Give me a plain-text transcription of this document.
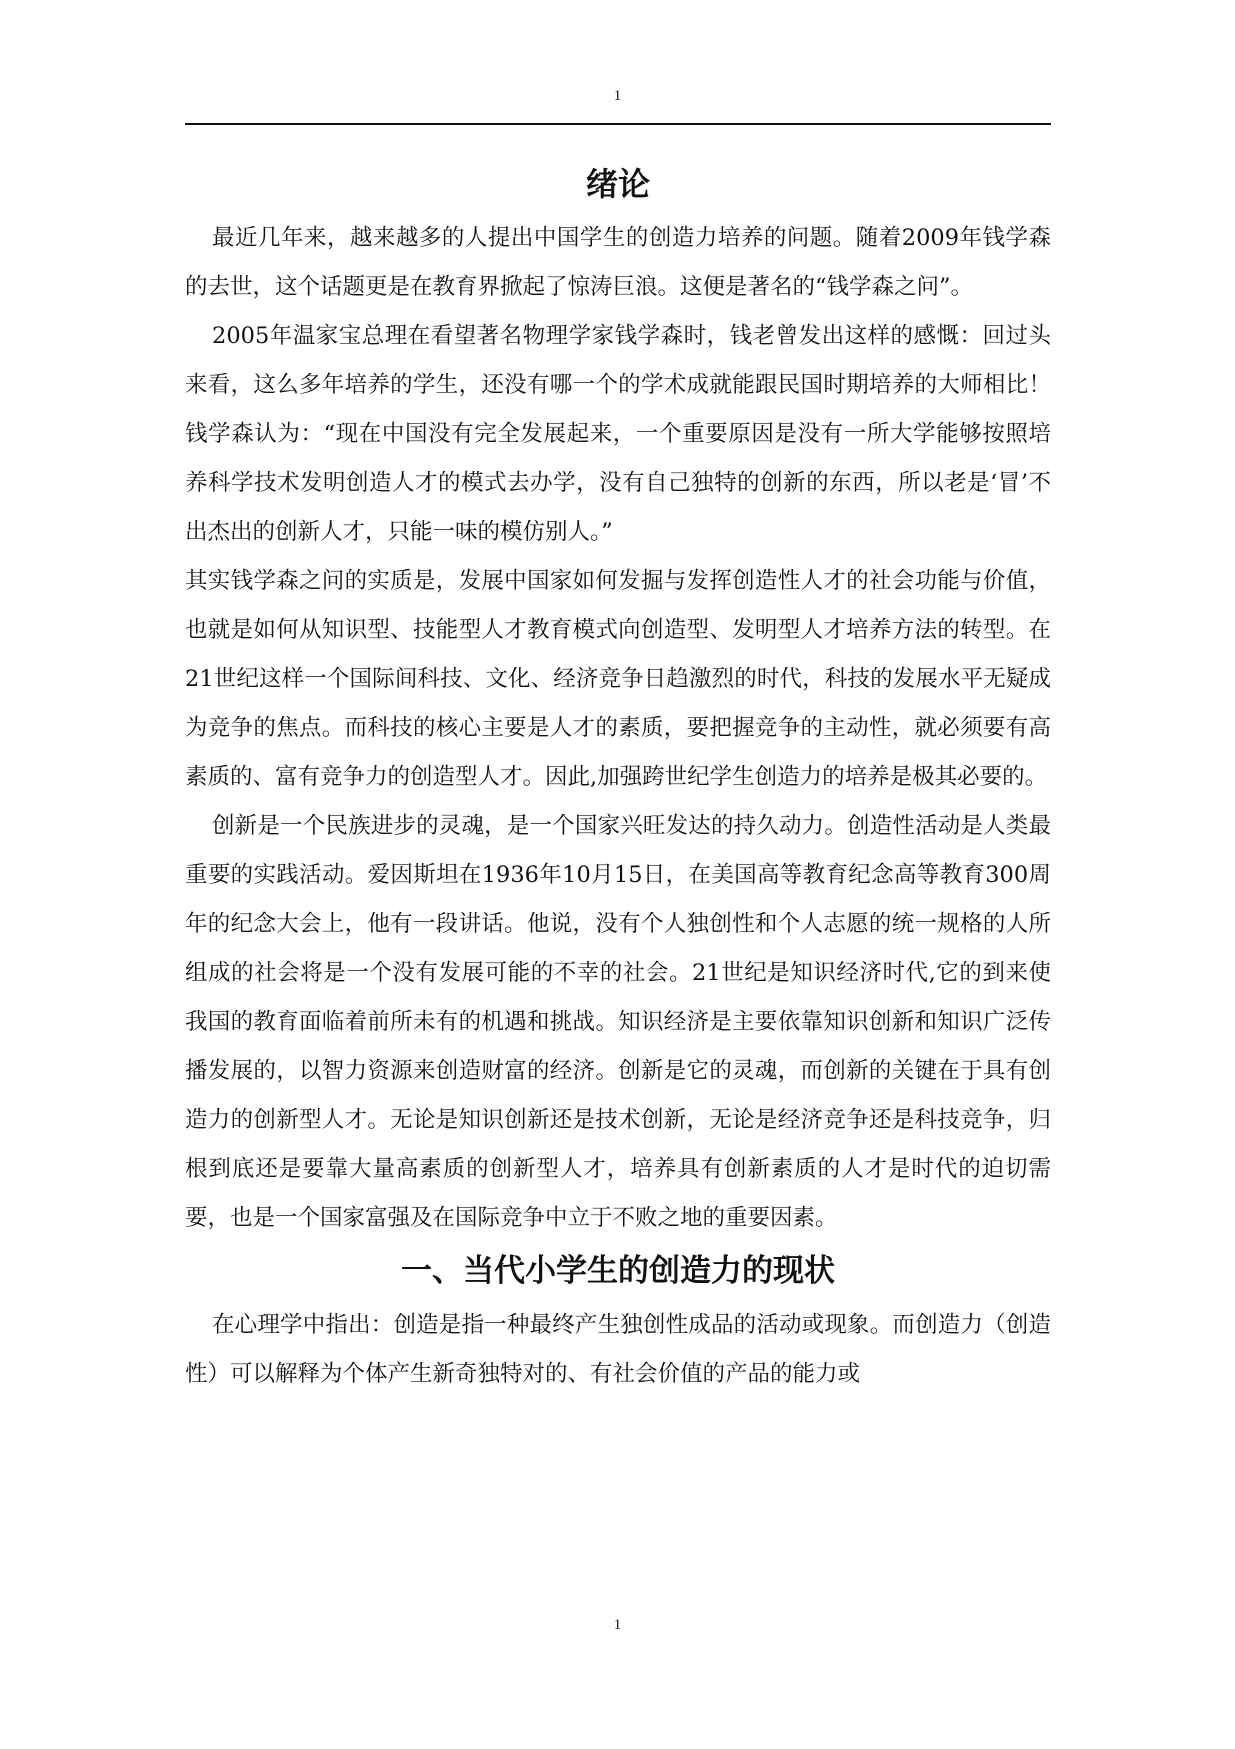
1
绪论

最近几年来，越来越多的人提出中国学生的创造力培养的问题。随着2009年钱学森的去世，这个话题更是在教育界掀起了惊涛巨浪。这便是著名的“钱学森之问”。

2005年温家宝总理在看望著名物理学家钱学森时，钱老曾发出这样的感慨：回过头来看，这么多年培养的学生，还没有哪一个的学术成就能跟民国时期培养的大师相比！钱学森认为：“现在中国没有完全发展起来，一个重要原因是没有一所大学能够按照培养科学技术发明创造人才的模式去办学，没有自己独特的创新的东西，所以老是‘冒’不出杰出的创新人才，只能一味的模仿别人。”

其实钱学森之问的实质是，发展中国家如何发掘与发挥创造性人才的社会功能与价值，也就是如何从知识型、技能型人才教育模式向创造型、发明型人才培养方法的转型。在21世纪这样一个国际间科技、文化、经济竞争日趋激烈的时代，科技的发展水平无疑成为竞争的焦点。而科技的核心主要是人才的素质，要把握竞争的主动性，就必须要有高素质的、富有竞争力的创造型人才。因此,加强跨世纪学生创造力的培养是极其必要的。

创新是一个民族进步的灵魂，是一个国家兴旺发达的持久动力。创造性活动是人类最重要的实践活动。爱因斯坦在1936年10月15日，在美国高等教育纪念高等教育300周年的纪念大会上，他有一段讲话。他说，没有个人独创性和个人志愿的统一规格的人所组成的社会将是一个没有发展可能的不幸的社会。21世纪是知识经济时代,它的到来使我国的教育面临着前所未有的机遇和挑战。知识经济是主要依靠知识创新和知识广泛传播发展的，以智力资源来创造财富的经济。创新是它的灵魂，而创新的关键在于具有创造力的创新型人才。无论是知识创新还是技术创新，无论是经济竞争还是科技竞争，归根到底还是要靠大量高素质的创新型人才，培养具有创新素质的人才是时代的迫切需要，也是一个国家富强及在国际竞争中立于不败之地的重要因素。

一、当代小学生的创造力的现状

在心理学中指出：创造是指一种最终产生独创性成品的活动或现象。而创造力（创造性）可以解释为个体产生新奇独特对的、有社会价值的产品的能力或

1
